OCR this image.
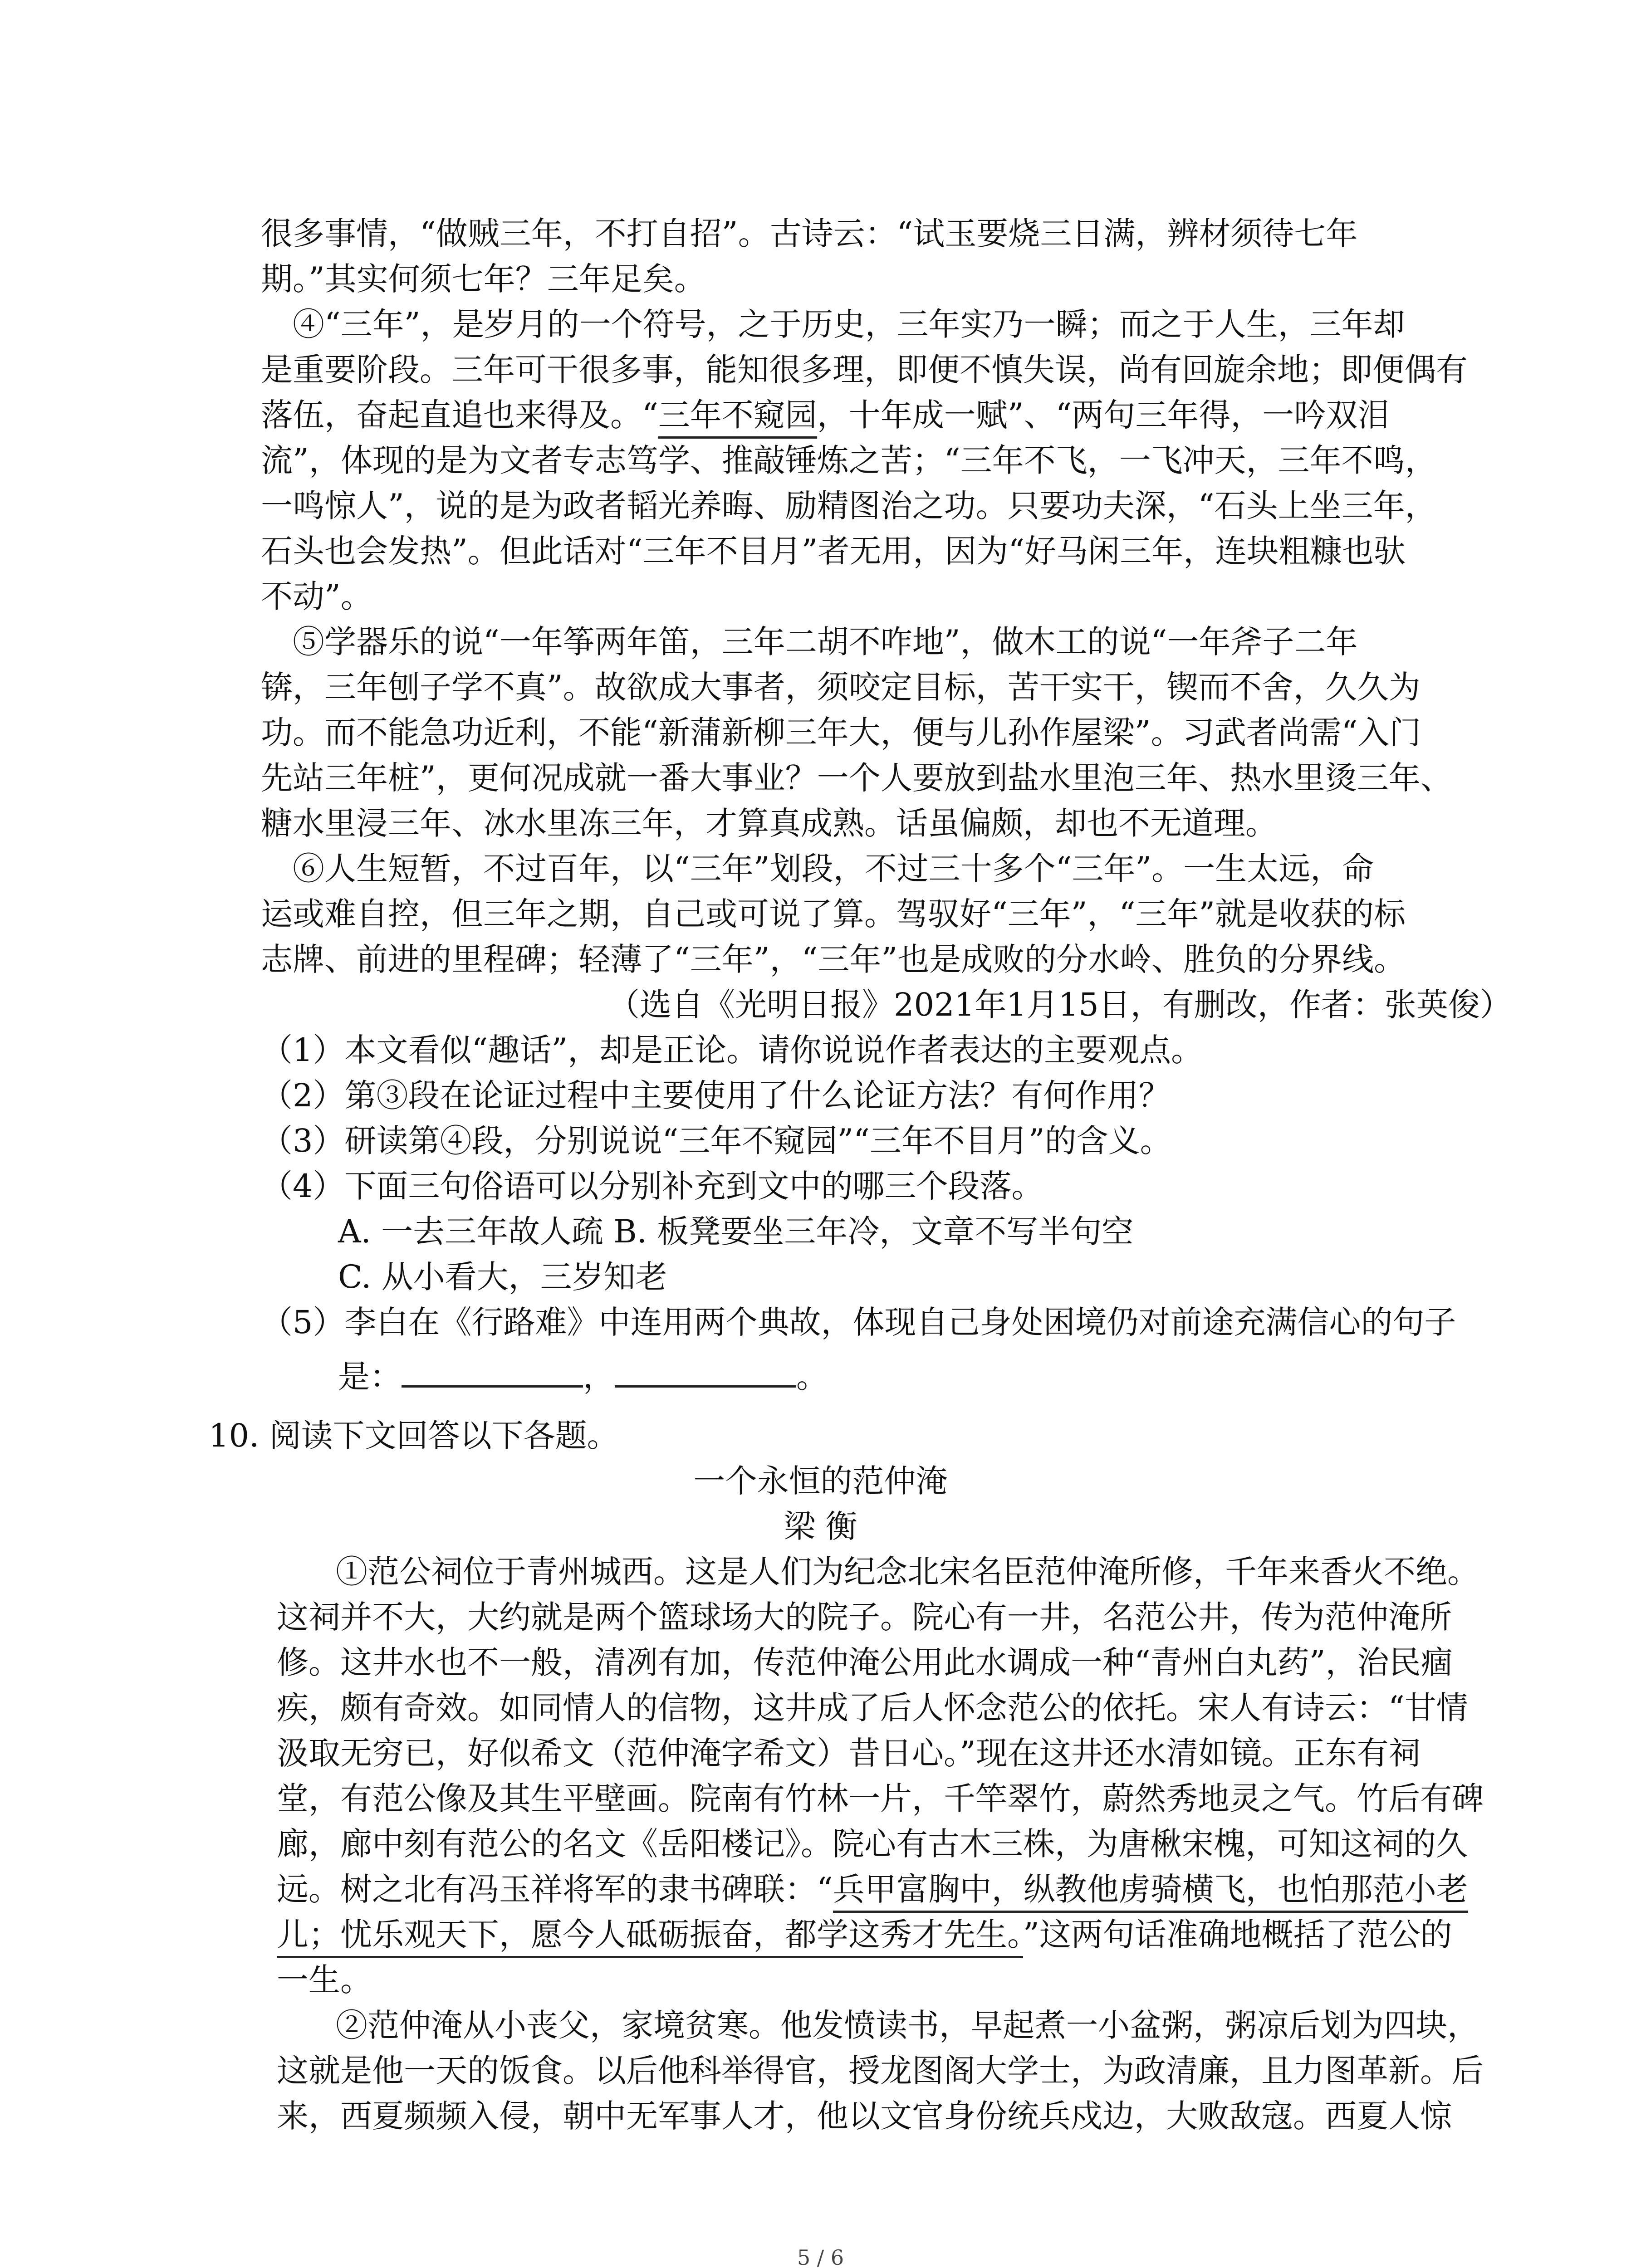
很多事情，“做贼三年，不打自招”。古诗云：“试玉要烧三日满，辨材须待七年

期。”其实何须七年？三年足矣。

④“三年”，是岁月的一个符号，之于历史，三年实乃一瞬；而之于人生，三年却

是重要阶段。三年可干很多事，能知很多理，即便不慎失误，尚有回旋余地；即便偶有

落伍，奋起直追也来得及。“三年不窥园，十年成一赋”、“两句三年得，一吟双泪

流”，体现的是为文者专志笃学、推敲锤炼之苦；“三年不飞，一飞冲天，三年不鸣，

一鸣惊人”，说的是为政者韬光养晦、励精图治之功。只要功夫深，“石头上坐三年，

石头也会发热”。但此话对“三年不目月”者无用，因为“好马闲三年，连块粗糠也驮

不动”。

⑤学器乐的说“一年筝两年笛，三年二胡不咋地”，做木工的说“一年斧子二年

锛，三年刨子学不真”。故欲成大事者，须咬定目标，苦干实干，锲而不舍，久久为

功。而不能急功近利，不能“新蒲新柳三年大，便与儿孙作屋梁”。习武者尚需“入门

先站三年桩”，更何况成就一番大事业？一个人要放到盐水里泡三年、热水里烫三年、

糖水里浸三年、冰水里冻三年，才算真成熟。话虽偏颇，却也不无道理。

⑥人生短暂，不过百年，以“三年”划段，不过三十多个“三年”。一生太远，命

运或难自控，但三年之期，自己或可说了算。驾驭好“三年”，“三年”就是收获的标

志牌、前进的里程碑；轻薄了“三年”，“三年”也是成败的分水岭、胜负的分界线。

（选自《光明日报》2021年1月15日，有删改，作者：张英俊）

（1）本文看似“趣话”，却是正论。请你说说作者表达的主要观点。

（2）第③段在论证过程中主要使用了什么论证方法？有何作用？

（3）研读第④段，分别说说“三年不窥园”“三年不目月”的含义。

（4）下面三句俗语可以分别补充到文中的哪三个段落。

A. 一去三年故人疏 B. 板凳要坐三年冷，文章不写半句空

C. 从小看大，三岁知老

（5）李白在《行路难》中连用两个典故，体现自己身处困境仍对前途充满信心的句子

是：	，	。

10. 阅读下文回答以下各题。

一个永恒的范仲淹

梁 衡

①范公祠位于青州城西。这是人们为纪念北宋名臣范仲淹所修，千年来香火不绝。

这祠并不大，大约就是两个篮球场大的院子。院心有一井，名范公井，传为范仲淹所

修。这井水也不一般，清冽有加，传范仲淹公用此水调成一种“青州白丸药”，治民痼

疾，颇有奇效。如同情人的信物，这井成了后人怀念范公的依托。宋人有诗云：“甘情

汲取无穷已，好似希文（范仲淹字希文）昔日心。”现在这井还水清如镜。正东有祠

堂，有范公像及其生平壁画。院南有竹林一片，千竿翠竹，蔚然秀地灵之气。竹后有碑

廊，廊中刻有范公的名文《岳阳楼记》。院心有古木三株，为唐楸宋槐，可知这祠的久

远。树之北有冯玉祥将军的隶书碑联：“兵甲富胸中，纵教他虏骑横飞，也怕那范小老

儿；忧乐观天下，愿今人砥砺振奋，都学这秀才先生。”这两句话准确地概括了范公的

一生。

②范仲淹从小丧父，家境贫寒。他发愤读书，早起煮一小盆粥，粥凉后划为四块，

这就是他一天的饭食。以后他科举得官，授龙图阁大学士，为政清廉，且力图革新。后

来，西夏频频入侵，朝中无军事人才，他以文官身份统兵戍边，大败敌寇。西夏人惊

5 / 6
